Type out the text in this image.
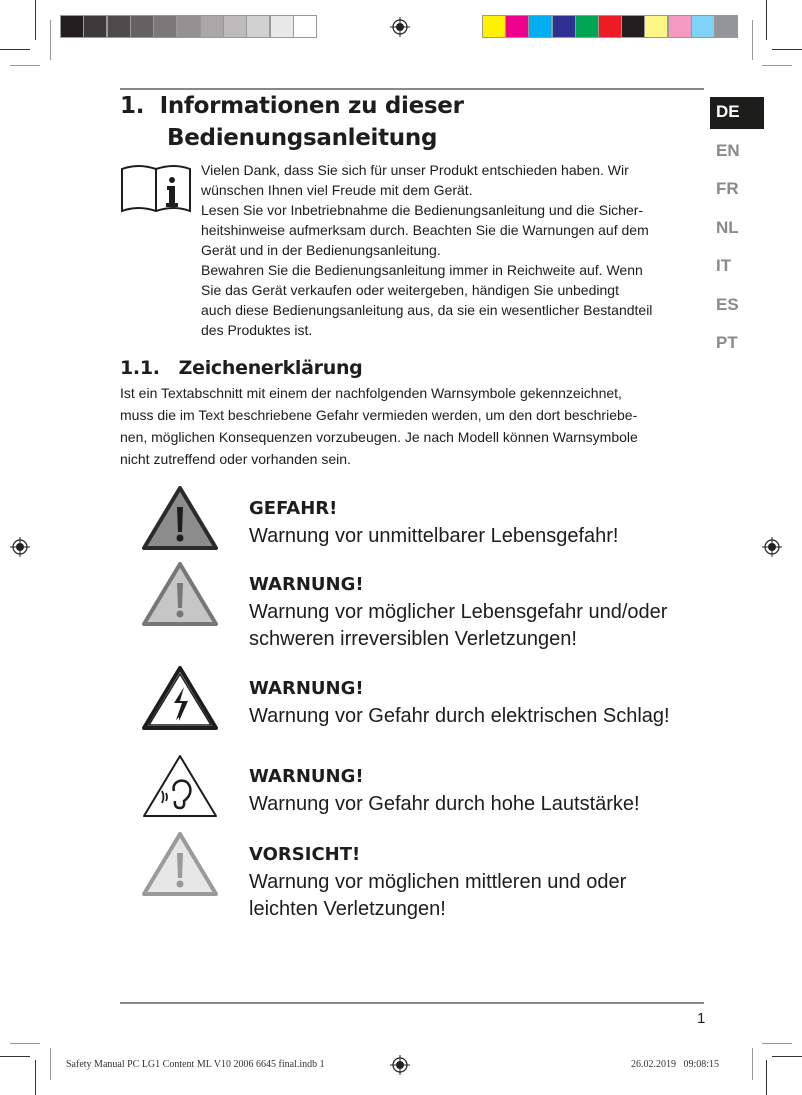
1. Informationen zu dieser
Bedienungsanleitung

Vielen Dank, dass Sie sich für unser Produkt entschieden haben. Wir
wünschen Ihnen viel Freude mit dem Gerät.

Lesen Sie vor Inbetriebnahme die Bedienungsanleitung und die Sicher-
heitshinweise aufmerksam durch. Beachten Sie die Warnungen auf dem
Gerät und in der Bedienungsanleitung.

Bewahren Sie die Bedienungsanleitung immer in Reichweite auf. Wenn
Sie das Gerät verkaufen oder weitergeben, händigen Sie unbedingt
auch diese Bedienungsanleitung aus, da sie ein wesentlicher Bestandteil
des Produktes ist.

DE
EN
FR
NL
IT
ES
PT
1.1. Zeichenerklärung
Ist ein Textabschnitt mit einem der nachfolgenden Warnsymbole gekennzeichnet,
muss die im Text beschriebene Gefahr vermieden werden, um den dort beschriebe-
nen, möglichen Konsequenzen vorzubeugen. Je nach Modell können Warnsymbole
nicht zutreffend oder vorhanden sein.
GEFAHR!
Warnung vor unmittelbarer Lebensgefahr!
WARNUNG!
Warnung vor möglicher Lebensgefahr und/oder
schweren irreversiblen Verletzungen!
WARNUNG!
Warnung vor Gefahr durch elektrischen Schlag!
WARNUNG!
Warnung vor Gefahr durch hohe Lautstärke!
VORSICHT!
Warnung vor möglichen mittleren und oder
leichten Verletzungen!
1
Safety Manual PC LG1 Content ML V10 2006 6645 final.indb 1	26.02.2019   09:08:15
